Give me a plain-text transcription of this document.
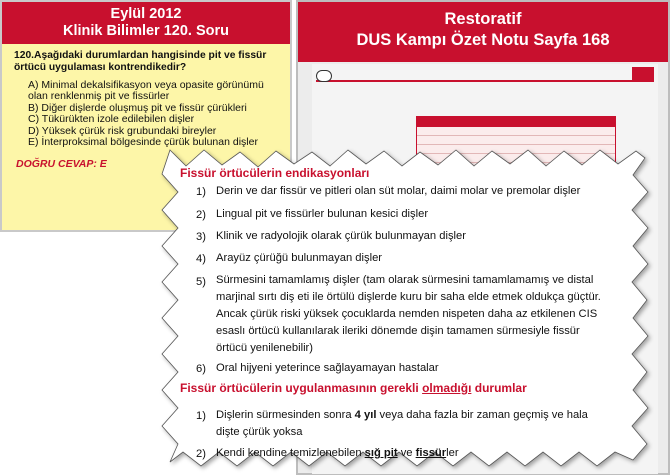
Eylül 2012
Klinik Bilimler 120. Soru
120.Aşağıdaki durumlardan hangisinde pit ve fissür örtücü uygulaması kontrendikedir?
A) Minimal dekalsifikasyon veya opasite görünümü olan renklenmiş pit ve fissürler
B) Diğer dişlerde oluşmuş pit ve fissür çürükleri
C) Tükürükten izole edilebilen dişler
D) Yüksek çürük risk grubundaki bireyler
E) İnterproksimal bölgesinde çürük bulunan dişler
DOĞRU CEVAP: E
Restoratif
DUS Kampı Özet Notu Sayfa 168
Fissür örtücülerin endikasyonları
1) Derin ve dar fissür ve pitleri olan süt molar, daimi molar ve premolar dişler
2) Lingual pit ve fissürler bulunan kesici dişler
3) Klinik ve radyolojik olarak çürük bulunmayan dişler
4) Arayüz çürüğü bulunmayan dişler
5) Sürmesini tamamlamış dişler (tam olarak sürmesini tamamlamamış ve distal
marjinal sırtı diş eti ile örtülü dişlerde kuru bir saha elde etmek oldukça güçtür.
Ancak çürük riski yüksek çocuklarda nemden nispeten daha az etkilenen CIS
esaslı örtücü kullanılarak ileriki dönemde dişin tamamen sürmesiyle fissür
örtücü yenilenebilir)
6) Oral hijyeni yeterince sağlayamayan hastalar
Fissür örtücülerin uygulanmasının gerekli olmadığı durumlar
1) Dişlerin sürmesinden sonra 4 yıl veya daha fazla bir zaman geçmiş ve hala
dişte çürük yoksa
2) Kendi kendine temizlenebilen sığ pit ve fissürler
